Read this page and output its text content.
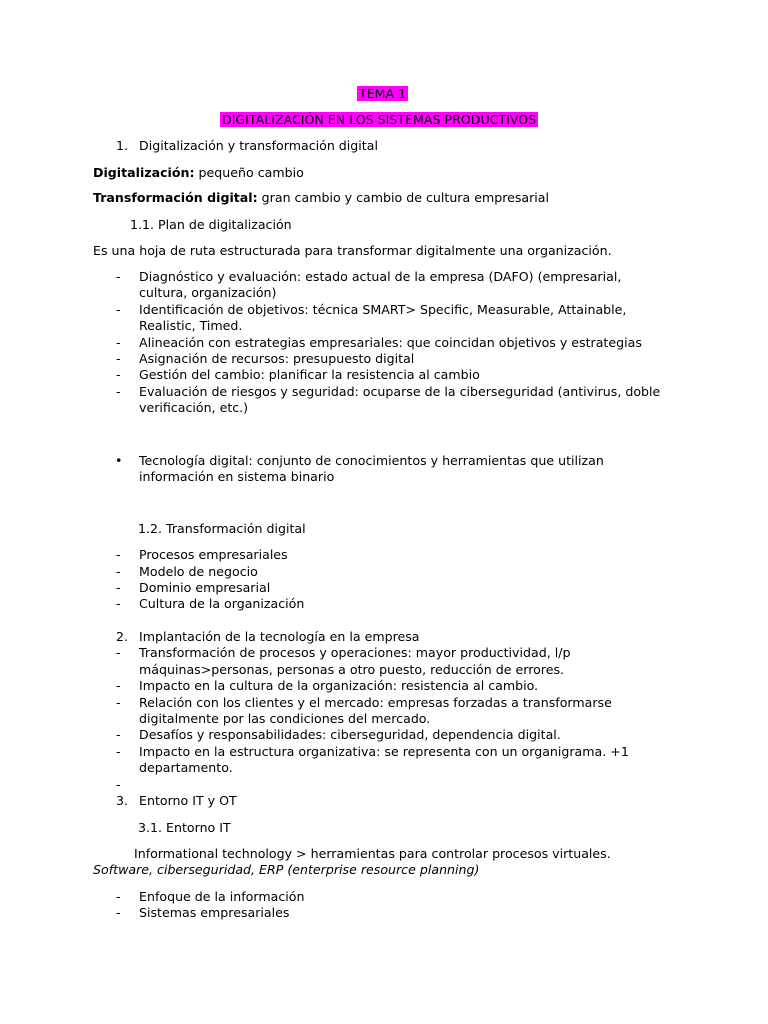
TEMA 1
DIGITALIZACIÓN EN LOS SISTEMAS PRODUCTIVOS
1. Digitalización y transformación digital
Digitalización: pequeño cambio
Transformación digital: gran cambio y cambio de cultura empresarial
1.1. Plan de digitalización
Es una hoja de ruta estructurada para transformar digitalmente una organización.
- Diagnóstico y evaluación: estado actual de la empresa (DAFO) (empresarial,
cultura, organización)
- Identificación de objetivos: técnica SMART> Specific, Measurable, Attainable,
Realistic, Timed.
- Alineación con estrategias empresariales: que coincidan objetivos y estrategias
- Asignación de recursos: presupuesto digital
- Gestión del cambio: planificar la resistencia al cambio
- Evaluación de riesgos y seguridad: ocuparse de la ciberseguridad (antivirus, doble
verificación, etc.)
• Tecnología digital: conjunto de conocimientos y herramientas que utilizan
información en sistema binario
1.2. Transformación digital
- Procesos empresariales
- Modelo de negocio
- Dominio empresarial
- Cultura de la organización
2. Implantación de la tecnología en la empresa
- Transformación de procesos y operaciones: mayor productividad, l/p
máquinas>personas, personas a otro puesto, reducción de errores.
- Impacto en la cultura de la organización: resistencia al cambio.
- Relación con los clientes y el mercado: empresas forzadas a transformarse
digitalmente por las condiciones del mercado.
- Desafíos y responsabilidades: ciberseguridad, dependencia digital.
- Impacto en la estructura organizativa: se representa con un organigrama. +1
departamento.
-
3. Entorno IT y OT
3.1. Entorno IT
Informational technology > herramientas para controlar procesos virtuales.
Software, ciberseguridad, ERP (enterprise resource planning)
- Enfoque de la información
- Sistemas empresariales
